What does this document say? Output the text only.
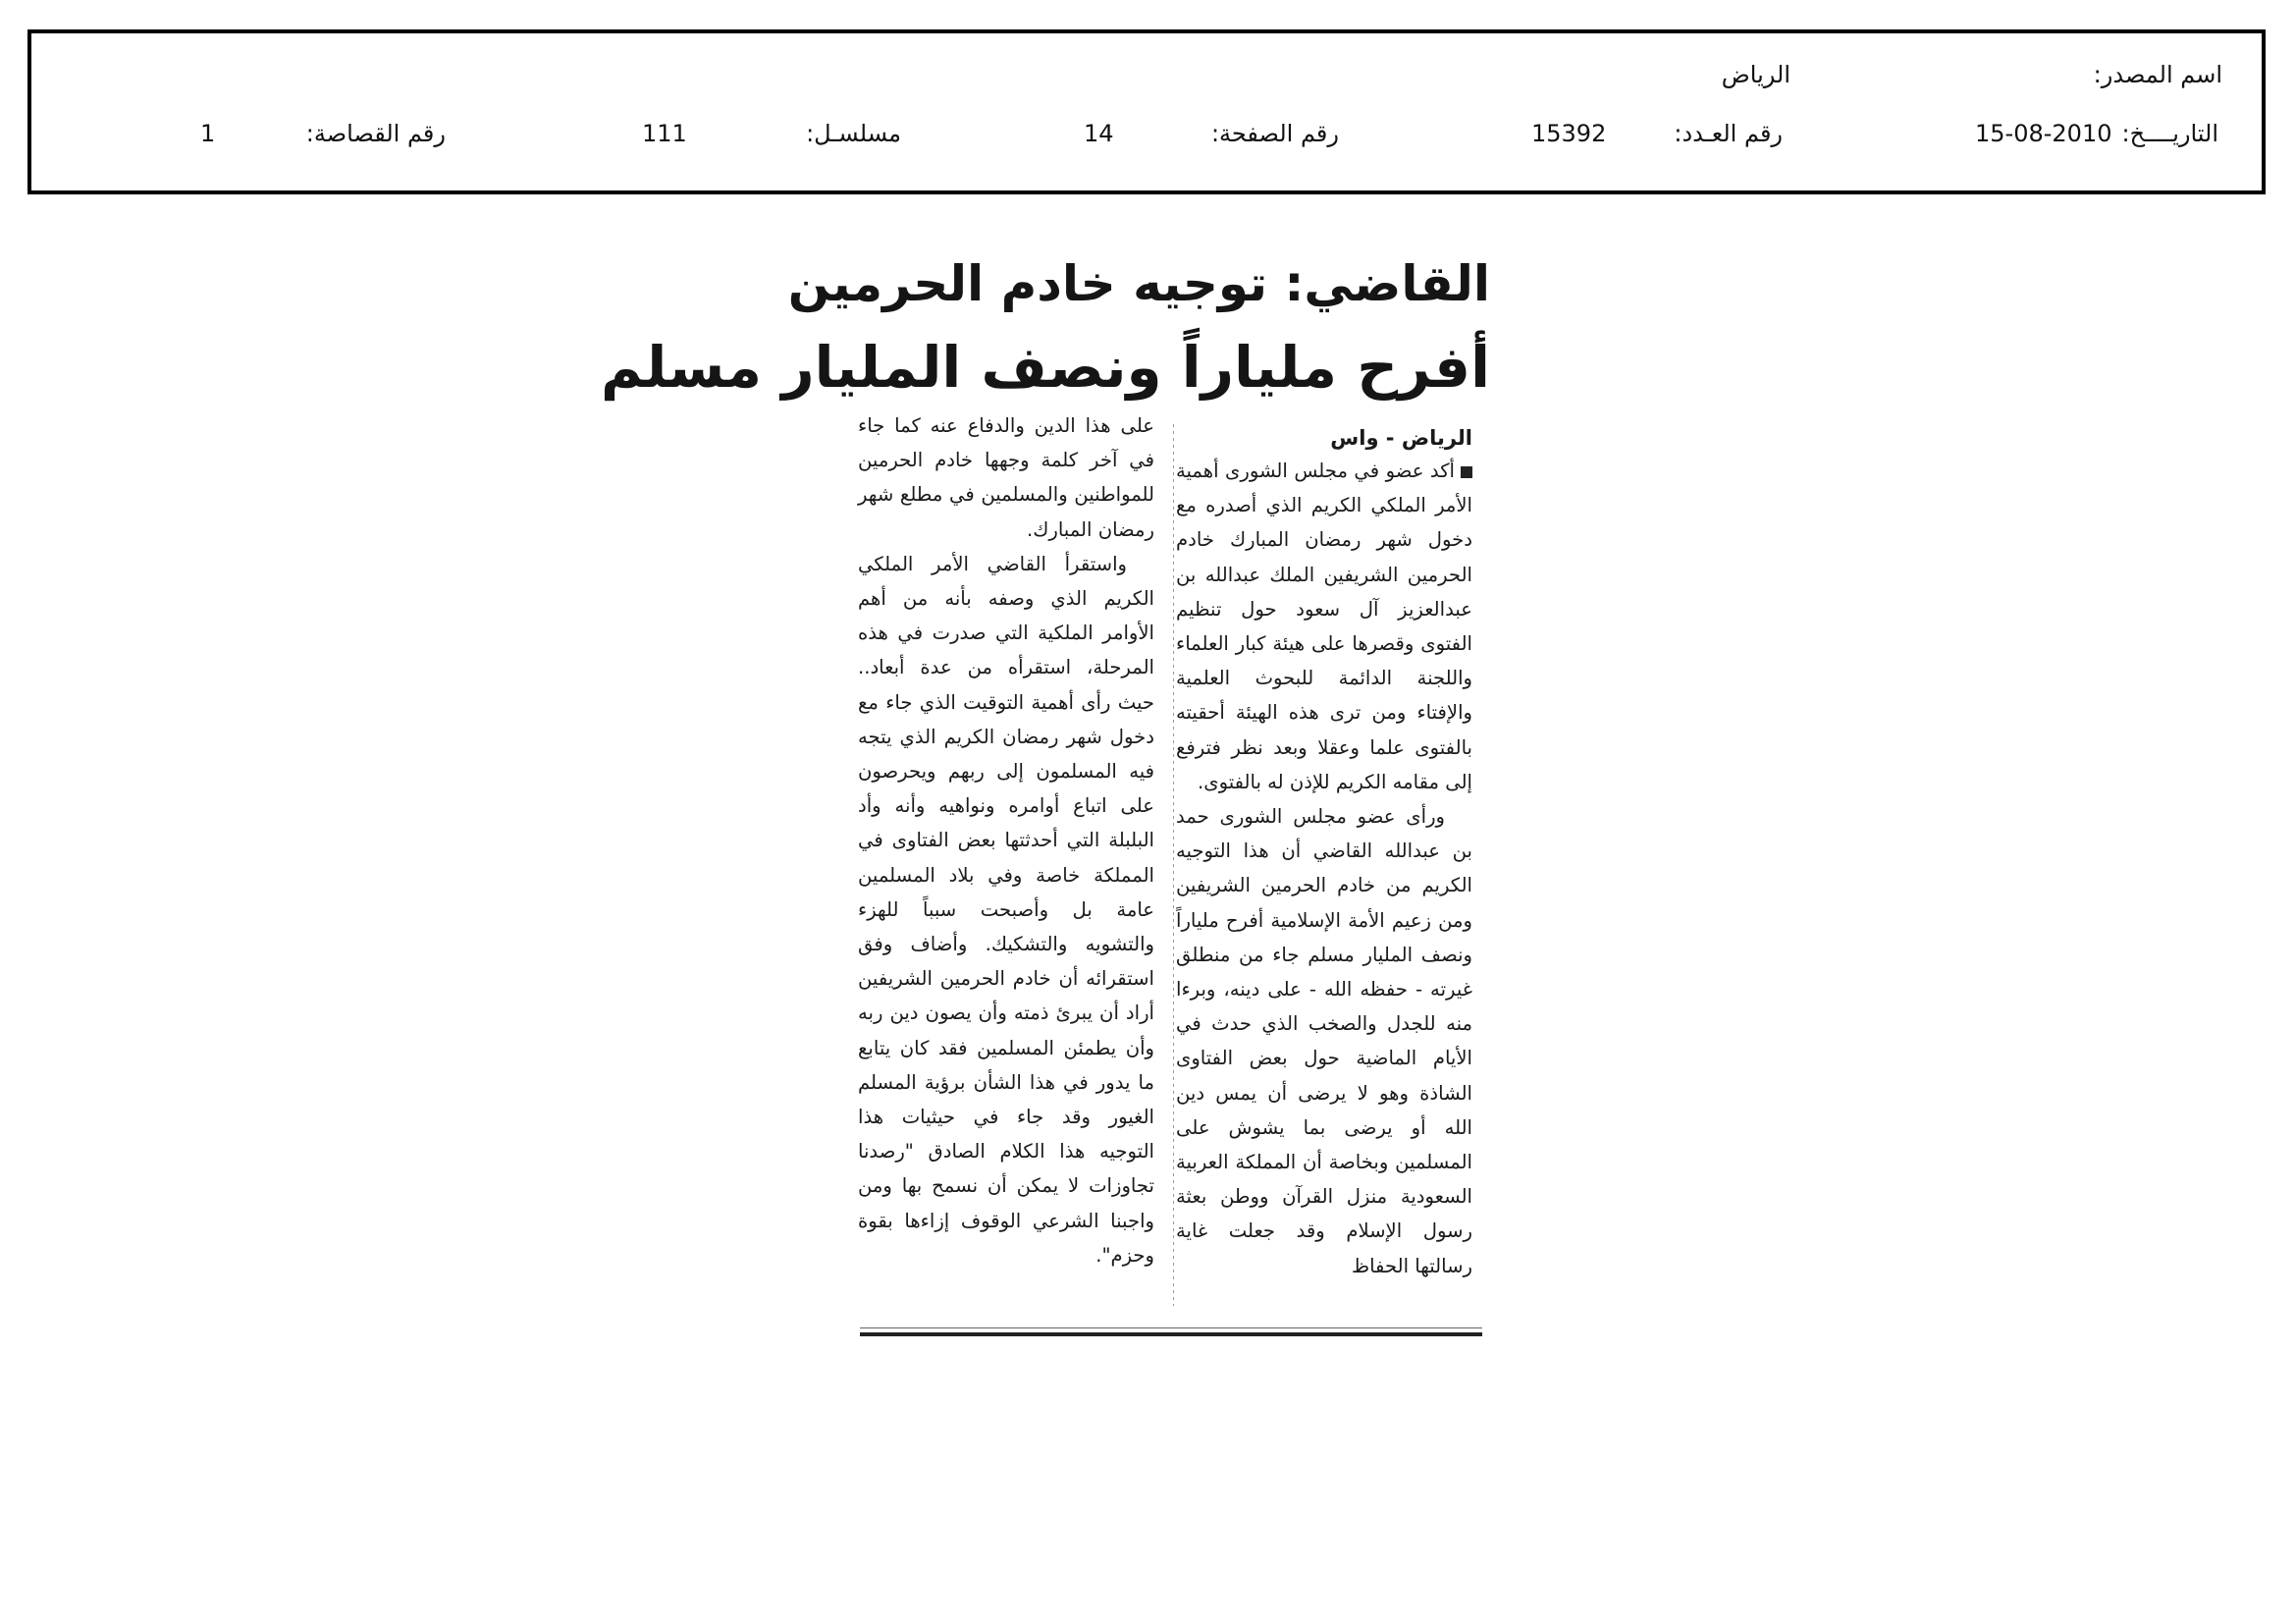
اسم المصدر:
الرياض
التاريــــخ:
15-08-2010
رقم العـدد:
15392
رقم الصفحة:
14
مسلسـل:
111
رقم القصاصة:
1
القاضي: توجيه خادم الحرمين
أفرح ملياراً ونصف المليار مسلم

الرياض - واس

أكد عضو في مجلس الشورى أهمية الأمر الملكي الكريم الذي أصدره مع دخول شهر رمضان المبارك خادم الحرمين الشريفين الملك عبدالله بن عبدالعزيز آل سعود حول تنظيم الفتوى وقصرها على هيئة كبار العلماء واللجنة الدائمة للبحوث العلمية والإفتاء ومن ترى هذه الهيئة أحقيته بالفتوى علما وعقلا وبعد نظر فترفع إلى مقامه الكريم للإذن له بالفتوى.

ورأى عضو مجلس الشورى حمد بن عبدالله القاضي أن هذا التوجيه الكريم من خادم الحرمين الشريفين ومن زعيم الأمة الإسلامية أفرح ملياراً ونصف المليار مسلم جاء من منطلق غيرته - حفظه الله - على دينه، وبرءا منه للجدل والصخب الذي حدث في الأيام الماضية حول بعض الفتاوى الشاذة وهو لا يرضى أن يمس دين الله أو يرضى بما يشوش على المسلمين وبخاصة أن المملكة العربية السعودية منزل القرآن ووطن بعثة رسول الإسلام وقد جعلت غاية رسالتها الحفاظ

على هذا الدين والدفاع عنه كما جاء في آخر كلمة وجهها خادم الحرمين للمواطنين والمسلمين في مطلع شهر رمضان المبارك.

واستقرأ القاضي الأمر الملكي الكريم الذي وصفه بأنه من أهم الأوامر الملكية التي صدرت في هذه المرحلة، استقرأه من عدة أبعاد.. حيث رأى أهمية التوقيت الذي جاء مع دخول شهر رمضان الكريم الذي يتجه فيه المسلمون إلى ربهم ويحرصون على اتباع أوامره ونواهيه وأنه وأد البلبلة التي أحدثتها بعض الفتاوى في المملكة خاصة وفي بلاد المسلمين عامة بل وأصبحت سبباً للهزء والتشويه والتشكيك. وأضاف وفق استقرائه أن خادم الحرمين الشريفين أراد أن يبرئ ذمته وأن يصون دين ربه وأن يطمئن المسلمين فقد كان يتابع ما يدور في هذا الشأن برؤية المسلم الغيور وقد جاء في حيثيات هذا التوجيه هذا الكلام الصادق "رصدنا تجاوزات لا يمكن أن نسمح بها ومن واجبنا الشرعي الوقوف إزاءها بقوة وحزم".
